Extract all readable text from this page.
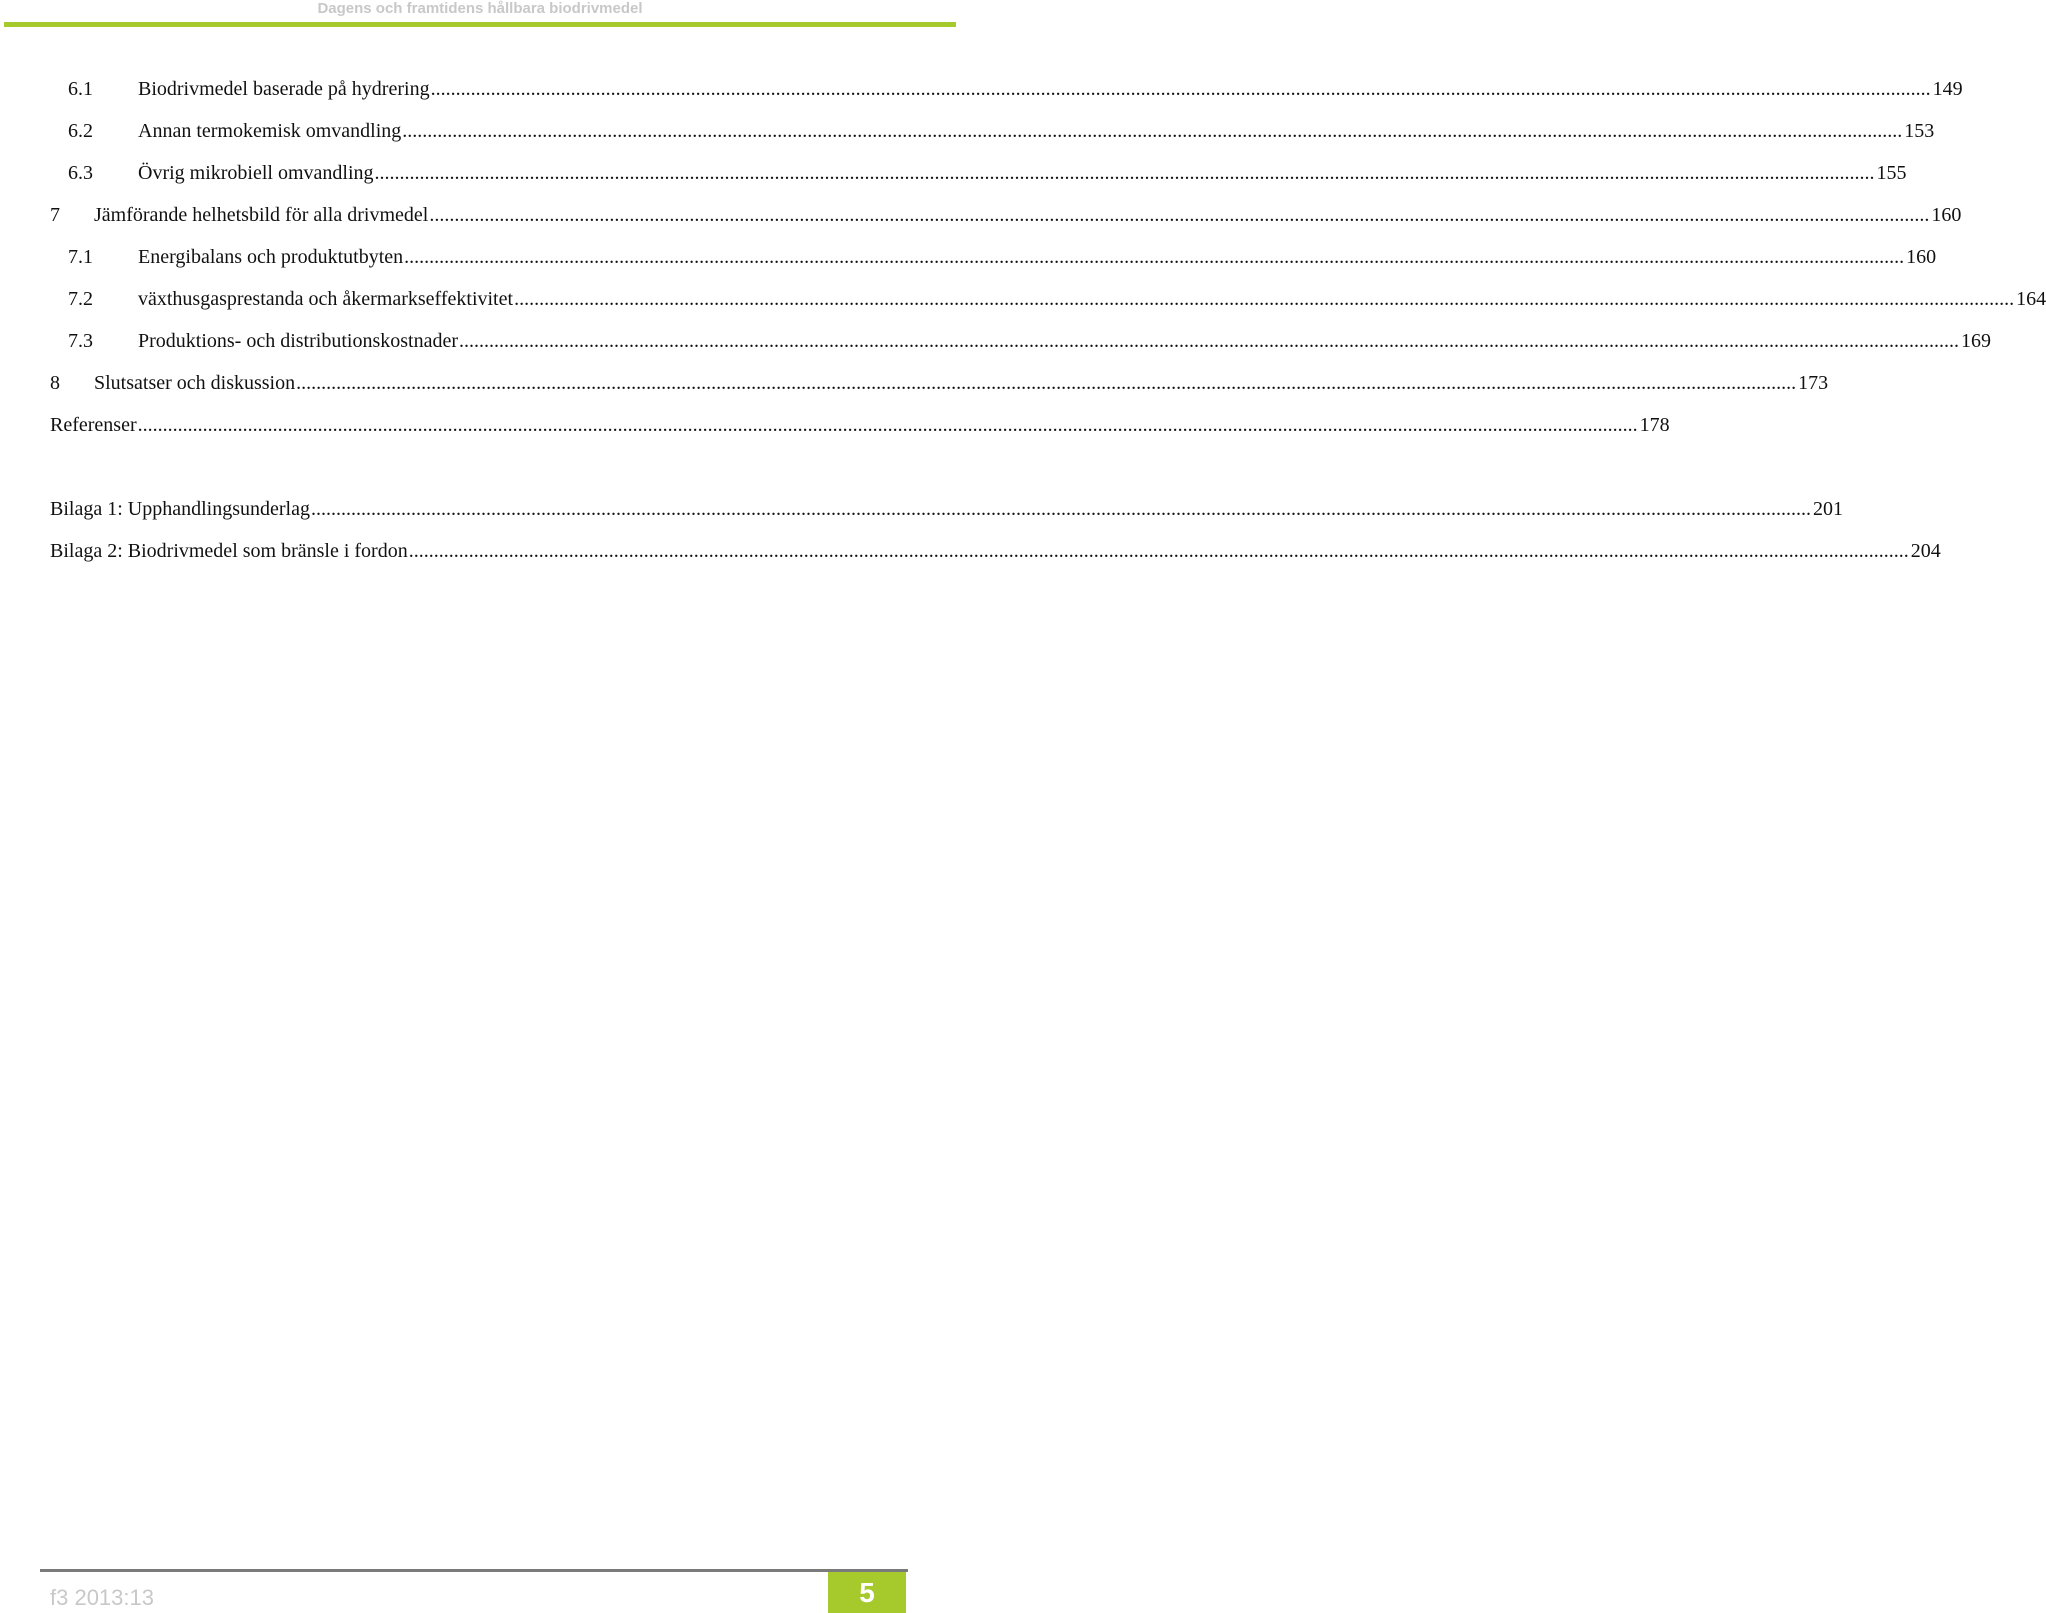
Dagens och framtidens hållbara biodrivmedel
6.1	Biodrivmedel baserade på hydrering ............................................................................................................................................................................................................................................................................................................ 149
6.2	Annan termokemisk omvandling ............................................................................................................................................................................................................................................................................................................ 153
6.3	Övrig mikrobiell omvandling ............................................................................................................................................................................................................................................................................................................ 155
7	Jämförande helhetsbild för alla drivmedel ............................................................................................................................................................................................................................................................................................................ 160
7.1	Energibalans och produktutbyten ............................................................................................................................................................................................................................................................................................................ 160
7.2	växthusgasprestanda och åkermarkseffektivitet ............................................................................................................................................................................................................................................................................................................ 164
7.3	Produktions- och distributionskostnader ............................................................................................................................................................................................................................................................................................................ 169
8	Slutsatser och diskussion ............................................................................................................................................................................................................................................................................................................ 173
Referenser ............................................................................................................................................................................................................................................................................................................ 178
Bilaga 1: Upphandlingsunderlag ............................................................................................................................................................................................................................................................................................................ 201
Bilaga 2: Biodrivmedel som bränsle i fordon ............................................................................................................................................................................................................................................................................................................ 204
f3 2013:13	5
